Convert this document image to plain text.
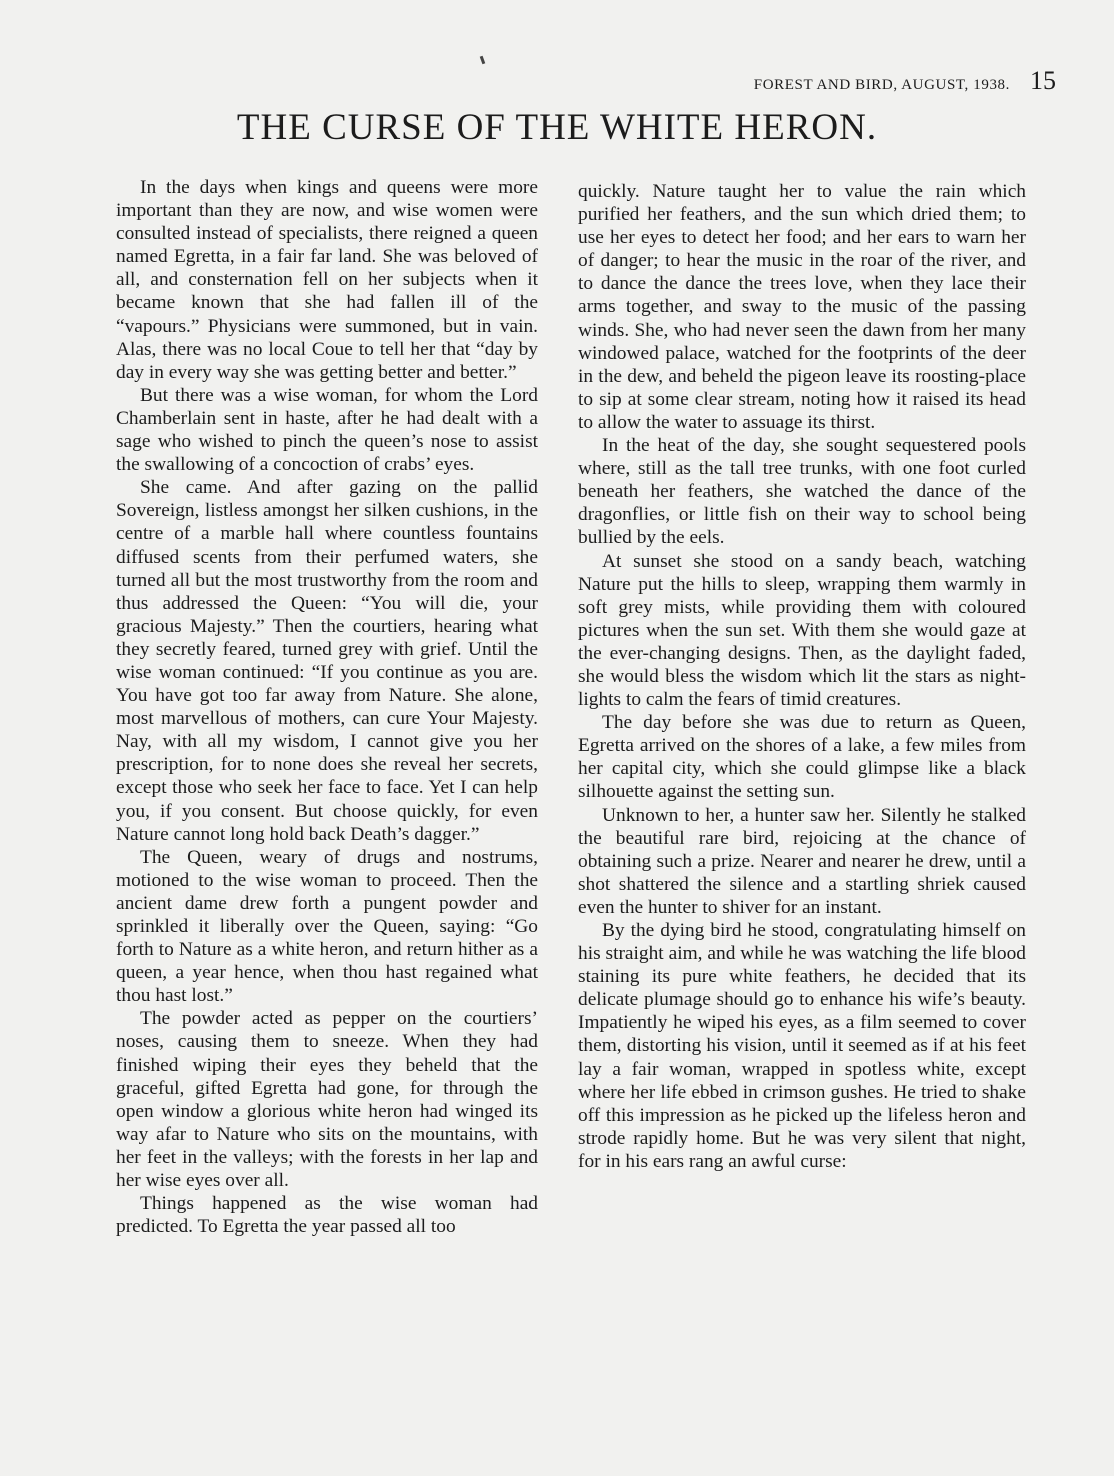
FOREST AND BIRD, AUGUST, 1938. 15
THE CURSE OF THE WHITE HERON.

In the days when kings and queens were more important than they are now, and wise women were consulted instead of specialists, there reigned a queen named Egretta, in a fair far land. She was beloved of all, and consternation fell on her subjects when it became known that she had fallen ill of the “vapours.” Physicians were summoned, but in vain. Alas, there was no local Coue to tell her that “day by day in every way she was getting better and better.”

But there was a wise woman, for whom the Lord Chamberlain sent in haste, after he had dealt with a sage who wished to pinch the queen’s nose to assist the swallowing of a concoction of crabs’ eyes.

She came. And after gazing on the pallid Sovereign, listless amongst her silken cushions, in the centre of a marble hall where countless fountains diffused scents from their perfumed waters, she turned all but the most trustworthy from the room and thus addressed the Queen: “You will die, your gracious Majesty.” Then the courtiers, hearing what they secretly feared, turned grey with grief. Until the wise woman continued: “If you continue as you are. You have got too far away from Nature. She alone, most marvellous of mothers, can cure Your Majesty. Nay, with all my wisdom, I cannot give you her prescription, for to none does she reveal her secrets, except those who seek her face to face. Yet I can help you, if you consent. But choose quickly, for even Nature cannot long hold back Death’s dagger.”

The Queen, weary of drugs and nostrums, motioned to the wise woman to proceed. Then the ancient dame drew forth a pungent powder and sprinkled it liberally over the Queen, saying: “Go forth to Nature as a white heron, and return hither as a queen, a year hence, when thou hast regained what thou hast lost.”

The powder acted as pepper on the courtiers’ noses, causing them to sneeze. When they had finished wiping their eyes they beheld that the graceful, gifted Egretta had gone, for through the open window a glorious white heron had winged its way afar to Nature who sits on the mountains, with her feet in the valleys; with the forests in her lap and her wise eyes over all.

Things happened as the wise woman had predicted. To Egretta the year passed all too

quickly. Nature taught her to value the rain which purified her feathers, and the sun which dried them; to use her eyes to detect her food; and her ears to warn her of danger; to hear the music in the roar of the river, and to dance the dance the trees love, when they lace their arms together, and sway to the music of the passing winds. She, who had never seen the dawn from her many windowed palace, watched for the footprints of the deer in the dew, and beheld the pigeon leave its roosting-place to sip at some clear stream, noting how it raised its head to allow the water to assuage its thirst.

In the heat of the day, she sought sequestered pools where, still as the tall tree trunks, with one foot curled beneath her feathers, she watched the dance of the dragonflies, or little fish on their way to school being bullied by the eels.

At sunset she stood on a sandy beach, watching Nature put the hills to sleep, wrapping them warmly in soft grey mists, while providing them with coloured pictures when the sun set. With them she would gaze at the ever-changing designs. Then, as the daylight faded, she would bless the wisdom which lit the stars as nightlights to calm the fears of timid creatures.

The day before she was due to return as Queen, Egretta arrived on the shores of a lake, a few miles from her capital city, which she could glimpse like a black silhouette against the setting sun.

Unknown to her, a hunter saw her. Silently he stalked the beautiful rare bird, rejoicing at the chance of obtaining such a prize. Nearer and nearer he drew, until a shot shattered the silence and a startling shriek caused even the hunter to shiver for an instant.

By the dying bird he stood, congratulating himself on his straight aim, and while he was watching the life blood staining its pure white feathers, he decided that its delicate plumage should go to enhance his wife’s beauty. Impatiently he wiped his eyes, as a film seemed to cover them, distorting his vision, until it seemed as if at his feet lay a fair woman, wrapped in spotless white, except where her life ebbed in crimson gushes. He tried to shake off this impression as he picked up the lifeless heron and strode rapidly home. But he was very silent that night, for in his ears rang an awful curse:
